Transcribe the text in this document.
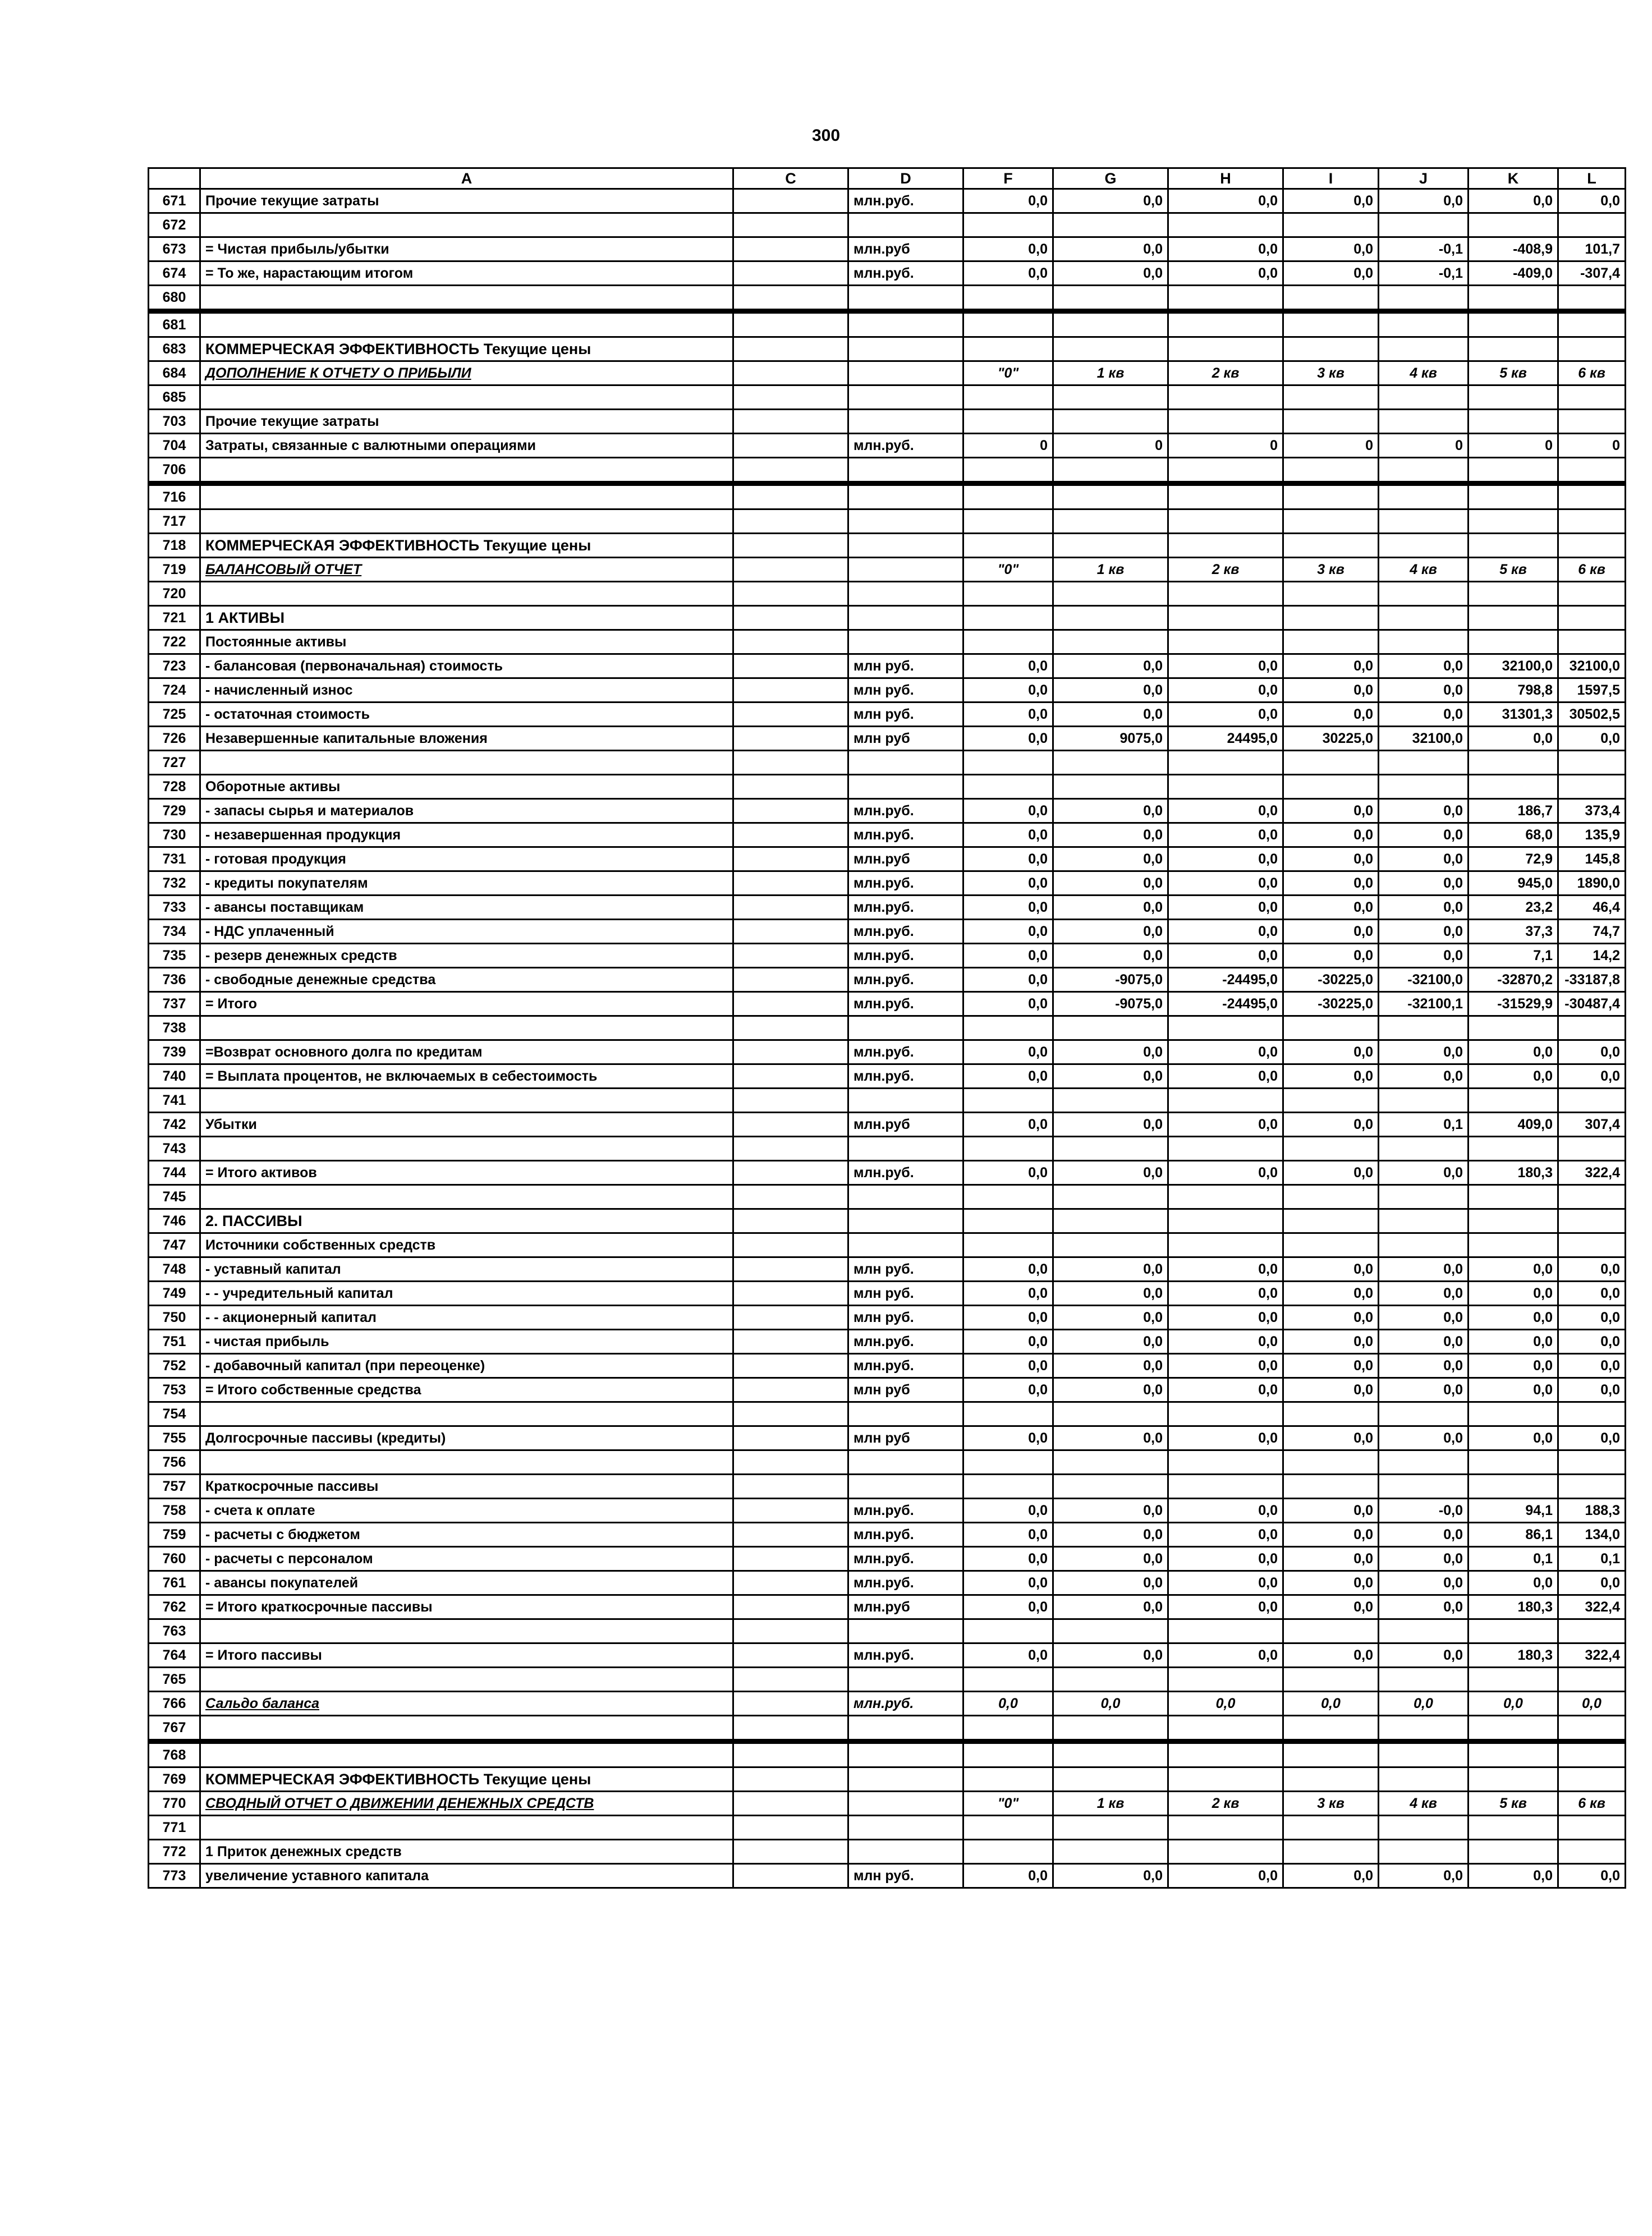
300
	A	C	D	F	G	H	I	J	K	L
671	Прочие текущие затраты		млн.руб.	0,0	0,0	0,0	0,0	0,0	0,0	0,0
672										
673	= Чистая прибыль/убытки		млн.руб	0,0	0,0	0,0	0,0	-0,1	-408,9	101,7
674	= То же, нарастающим итогом		млн.руб.	0,0	0,0	0,0	0,0	-0,1	-409,0	-307,4
680										
681										
683	КОММЕРЧЕСКАЯ ЭФФЕКТИВНОСТЬ Текущие цены									
684	ДОПОЛНЕНИЕ К ОТЧЕТУ О ПРИБЫЛИ			"0"	1 кв	2 кв	3 кв	4 кв	5 кв	6 кв
685										
703	Прочие текущие затраты									
704	Затраты, связанные с валютными операциями		млн.руб.	0	0	0	0	0	0	0
706										
716										
717										
718	КОММЕРЧЕСКАЯ ЭФФЕКТИВНОСТЬ Текущие цены									
719	БАЛАНСОВЫЙ ОТЧЕТ			"0"	1 кв	2 кв	3 кв	4 кв	5 кв	6 кв
720										
721	1 АКТИВЫ									
722	Постоянные активы									
723	- балансовая (первоначальная) стоимость		млн руб.	0,0	0,0	0,0	0,0	0,0	32100,0	32100,0
724	- начисленный износ		млн руб.	0,0	0,0	0,0	0,0	0,0	798,8	1597,5
725	- остаточная стоимость		млн руб.	0,0	0,0	0,0	0,0	0,0	31301,3	30502,5
726	Незавершенные капитальные вложения		млн руб	0,0	9075,0	24495,0	30225,0	32100,0	0,0	0,0
727										
728	Оборотные активы									
729	- запасы сырья и материалов		млн.руб.	0,0	0,0	0,0	0,0	0,0	186,7	373,4
730	- незавершенная продукция		млн.руб.	0,0	0,0	0,0	0,0	0,0	68,0	135,9
731	- готовая продукция		млн.руб	0,0	0,0	0,0	0,0	0,0	72,9	145,8
732	- кредиты покупателям		млн.руб.	0,0	0,0	0,0	0,0	0,0	945,0	1890,0
733	- авансы поставщикам		млн.руб.	0,0	0,0	0,0	0,0	0,0	23,2	46,4
734	- НДС уплаченный		млн.руб.	0,0	0,0	0,0	0,0	0,0	37,3	74,7
735	- резерв денежных средств		млн.руб.	0,0	0,0	0,0	0,0	0,0	7,1	14,2
736	- свободные денежные средства		млн.руб.	0,0	-9075,0	-24495,0	-30225,0	-32100,0	-32870,2	-33187,8
737	= Итого		млн.руб.	0,0	-9075,0	-24495,0	-30225,0	-32100,1	-31529,9	-30487,4
738										
739	=Возврат основного долга по кредитам		млн.руб.	0,0	0,0	0,0	0,0	0,0	0,0	0,0
740	= Выплата процентов, не включаемых в себестоимость		млн.руб.	0,0	0,0	0,0	0,0	0,0	0,0	0,0
741										
742	Убытки		млн.руб	0,0	0,0	0,0	0,0	0,1	409,0	307,4
743										
744	= Итого активов		млн.руб.	0,0	0,0	0,0	0,0	0,0	180,3	322,4
745										
746	2. ПАССИВЫ									
747	Источники собственных средств									
748	- уставный капитал		млн руб.	0,0	0,0	0,0	0,0	0,0	0,0	0,0
749	- - учредительный капитал		млн руб.	0,0	0,0	0,0	0,0	0,0	0,0	0,0
750	- - акционерный капитал		млн руб.	0,0	0,0	0,0	0,0	0,0	0,0	0,0
751	- чистая прибыль		млн.руб.	0,0	0,0	0,0	0,0	0,0	0,0	0,0
752	- добавочный капитал (при переоценке)		млн.руб.	0,0	0,0	0,0	0,0	0,0	0,0	0,0
753	= Итого собственные средства		млн руб	0,0	0,0	0,0	0,0	0,0	0,0	0,0
754										
755	Долгосрочные пассивы (кредиты)		млн руб	0,0	0,0	0,0	0,0	0,0	0,0	0,0
756										
757	Краткосрочные пассивы									
758	- счета к оплате		млн.руб.	0,0	0,0	0,0	0,0	-0,0	94,1	188,3
759	- расчеты с бюджетом		млн.руб.	0,0	0,0	0,0	0,0	0,0	86,1	134,0
760	- расчеты с персоналом		млн.руб.	0,0	0,0	0,0	0,0	0,0	0,1	0,1
761	- авансы покупателей		млн.руб.	0,0	0,0	0,0	0,0	0,0	0,0	0,0
762	= Итого краткосрочные пассивы		млн.руб	0,0	0,0	0,0	0,0	0,0	180,3	322,4
763										
764	= Итого пассивы		млн.руб.	0,0	0,0	0,0	0,0	0,0	180,3	322,4
765										
766	Сальдо баланса		млн.руб.	0,0	0,0	0,0	0,0	0,0	0,0	0,0
767										
768										
769	КОММЕРЧЕСКАЯ ЭФФЕКТИВНОСТЬ Текущие цены									
770	СВОДНЫЙ ОТЧЕТ О ДВИЖЕНИИ ДЕНЕЖНЫХ СРЕДСТВ			"0"	1 кв	2 кв	3 кв	4 кв	5 кв	6 кв
771										
772	1 Приток денежных средств									
773	увеличение уставного капитала		млн руб.	0,0	0,0	0,0	0,0	0,0	0,0	0,0
